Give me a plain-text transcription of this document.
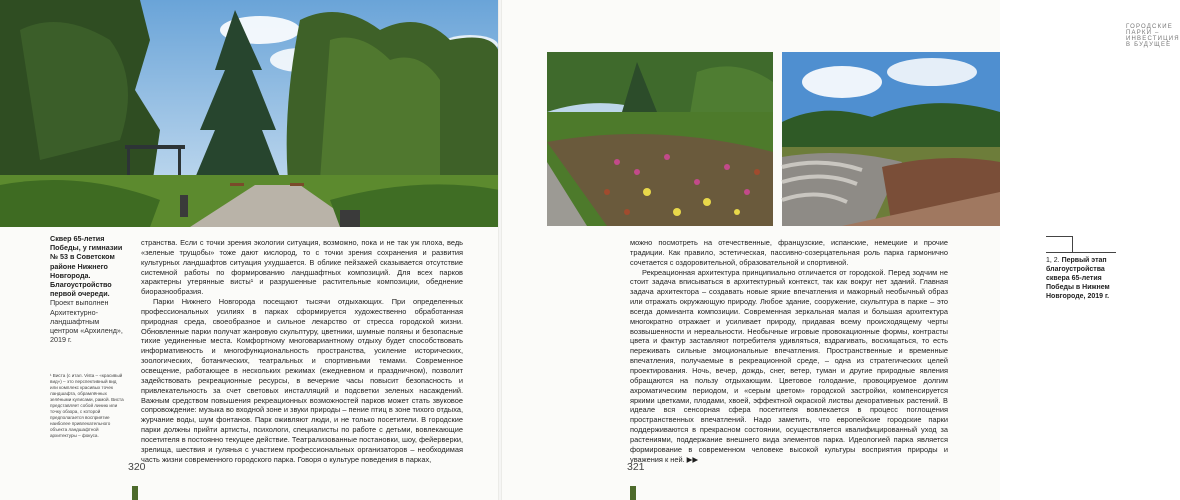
Сквер 65-летия Победы, у гимназии № 53 в Советском районе Нижнего Новгорода. Благоустройство первой очереди.
Проект выполнен Архитектурно-ландшафтным центром «Архиленд», 2019 г.
¹ Виста (с итал. Vista – «красивый вид») – это перспективный вид или комплекс красивых точек ландшафта, обрамлённых зелёными кулисами, рамой. Виста представляет собой линию или точку обзора, с которой предполагается восприятие наиболее привлекательного объекта ландшафтной архитектуры – фокуса.

странства. Если с точки зрения экологии ситуация, возможно, пока и не так уж плоха, ведь «зеленые трущобы» тоже дают кислород, то с точки зрения сохранения и развития культурных ландшафтов ситуация ухудшается. В облике пейзажей сказывается отсутствие системной работы по формированию ландшафтных композиций. Для всех парков характерны утерянные висты¹ и разрушенные растительные композиции, обеднение биоразнообразия.

Парки Нижнего Новгорода посещают тысячи отдыхающих. При определенных профессиональных усилиях в парках сформируется художественно обработанная природная среда, своеобразное и сильное лекарство от стресса городской жизни. Обновленные парки получат жанровую скульптуру, цветники, шумные поляны и безопасные тихие уединенные места. Комфортному многовариантному отдыху будет способствовать информативность и многофункциональность пространства, усиление исторических, зоологических, ботанических, театральных и спортивными темами. Современное освещение, работающее в нескольких режимах (ежедневном и праздничном), позволит задействовать рекреационные ресурсы, в вечерние часы повысит безопасность и привлекательность за счет световых инсталляций и подсветки зеленых насаждений. Важным средством повышения рекреационных возможностей парков может стать звуковое сопровождение: музыка во входной зоне и звуки природы – пение птиц в зоне тихого отдыха, журчание воды, шум фонтанов. Парк оживляют люди, и не только посетители. В городские парки должны прийти артисты, психологи, специалисты по работе с детьми, вовлекающие посетителя в постоянно текущее действие. Театрализованные постановки, шоу, фейерверки, зрелища, шествия и гулянья с участием профессиональных организаторов – необходимая часть жизни современного городского парка. Говоря о культуре поведения в парках,

320
ГОРОДСКИЕ ПАРКИ – ИНВЕСТИЦИЯ В БУДУЩЕЕ
1, 2. Первый этап благоустройства сквера 65-летия Победы в Нижнем Новгороде, 2019 г.

можно посмотреть на отечественные, французские, испанские, немецкие и прочие традиции. Как правило, эстетическая, пассивно-созерцательная роль парка гармонично сочетается с оздоровительной, образовательной и спортивной.

Рекреационная архитектура принципиально отличается от городской. Перед зодчим не стоит задача вписываться в архитектурный контекст, так как вокруг нет зданий. Главная задача архитектора – создавать новые яркие впечатления и мажорный необычный образ или отражать окружающую природу. Любое здание, сооружение, скульптура в парке – это всегда доминанта композиции. Современная зеркальная малая и большая архитектура многократно отражает и усиливает природу, придавая всему происходящему черты возвышенности и нереальности. Необычные игровые провокационные формы, контрасты цвета и фактур заставляют потребителя удивляться, вздрагивать, восхищаться, то есть переживать сильные эмоциональные впечатления. Пространственные и временные впечатления, получаемые в рекреационной среде, – одна из стратегических целей проектирования. Ночь, вечер, дождь, снег, ветер, туман и другие природные явления обращаются на пользу отдыхающим. Цветовое голодание, провоцируемое долгим ахроматическим периодом, и «серым цветом» городской застройки, компенсируется яркими цветками, плодами, хвоей, эффектной окраской листвы декоративных растений. В идеале вся сенсорная сфера посетителя вовлекается в процесс поглощения пространственных впечатлений. Надо заметить, что европейские городские парки поддерживаются в прекрасном состоянии, осуществляется квалифицированный уход за растениями, поддержание внешнего вида элементов парка. Идеологией парка является формирование в современном человеке высокой культуры восприятия природы и уважения к ней. ▶▶

321
